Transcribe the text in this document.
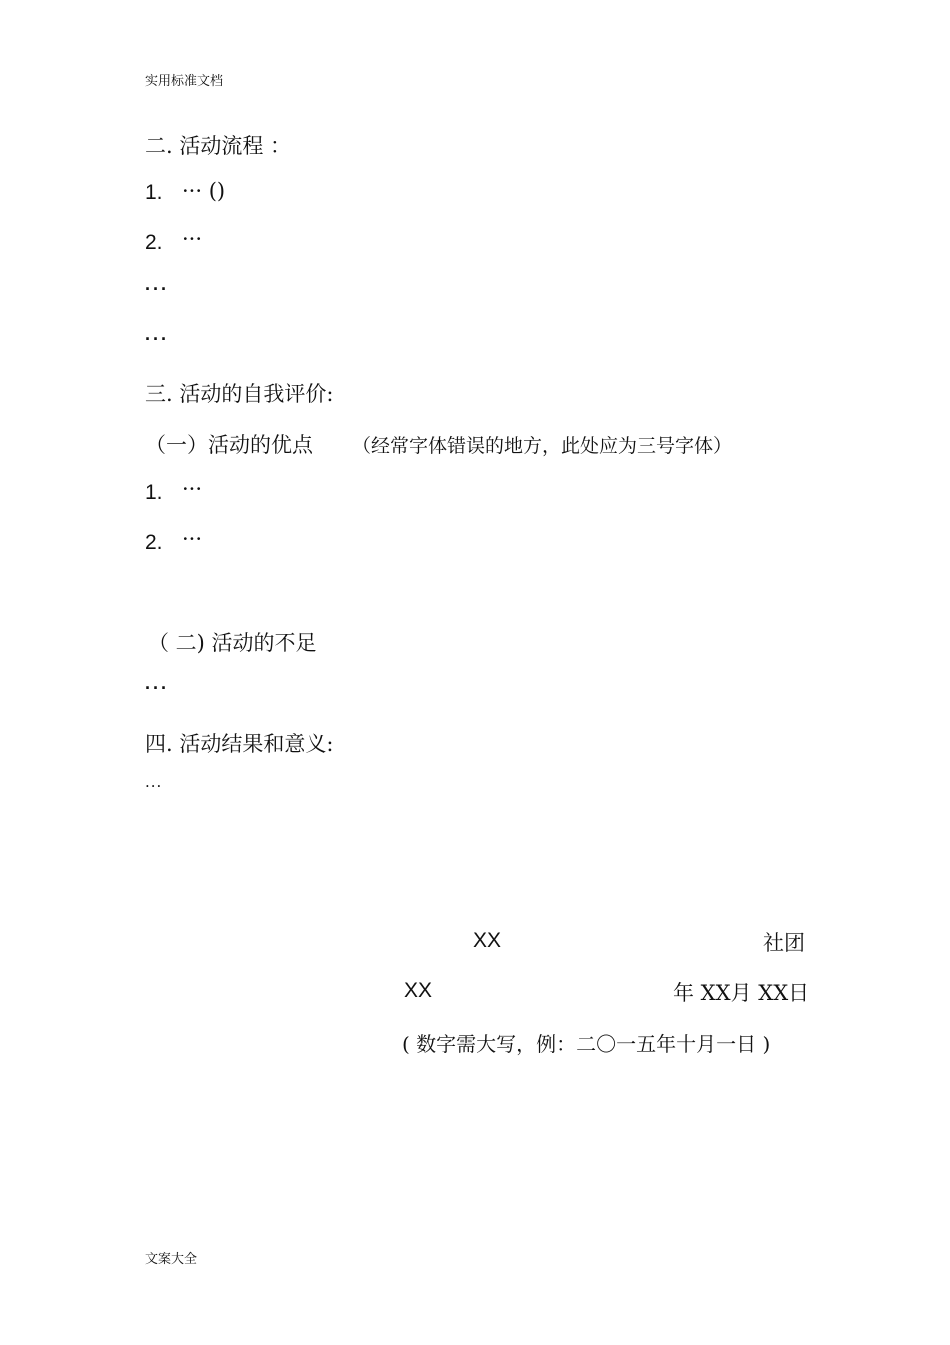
实用标准文档
二. 活动流程 ：
1. ··· ()
2. ···
···
···
三. 活动的自我评价:
（一）活动的优点 （经常字体错误的地方，此处应为三号字体）
1. ···
2. ···
（ 二) 活动的不足
···
四. 活动结果和意义:
···
XX	社团
XX	年 XX月 XX日
( 数字需大写，例：二〇一五年十月一日 )
文案大全
